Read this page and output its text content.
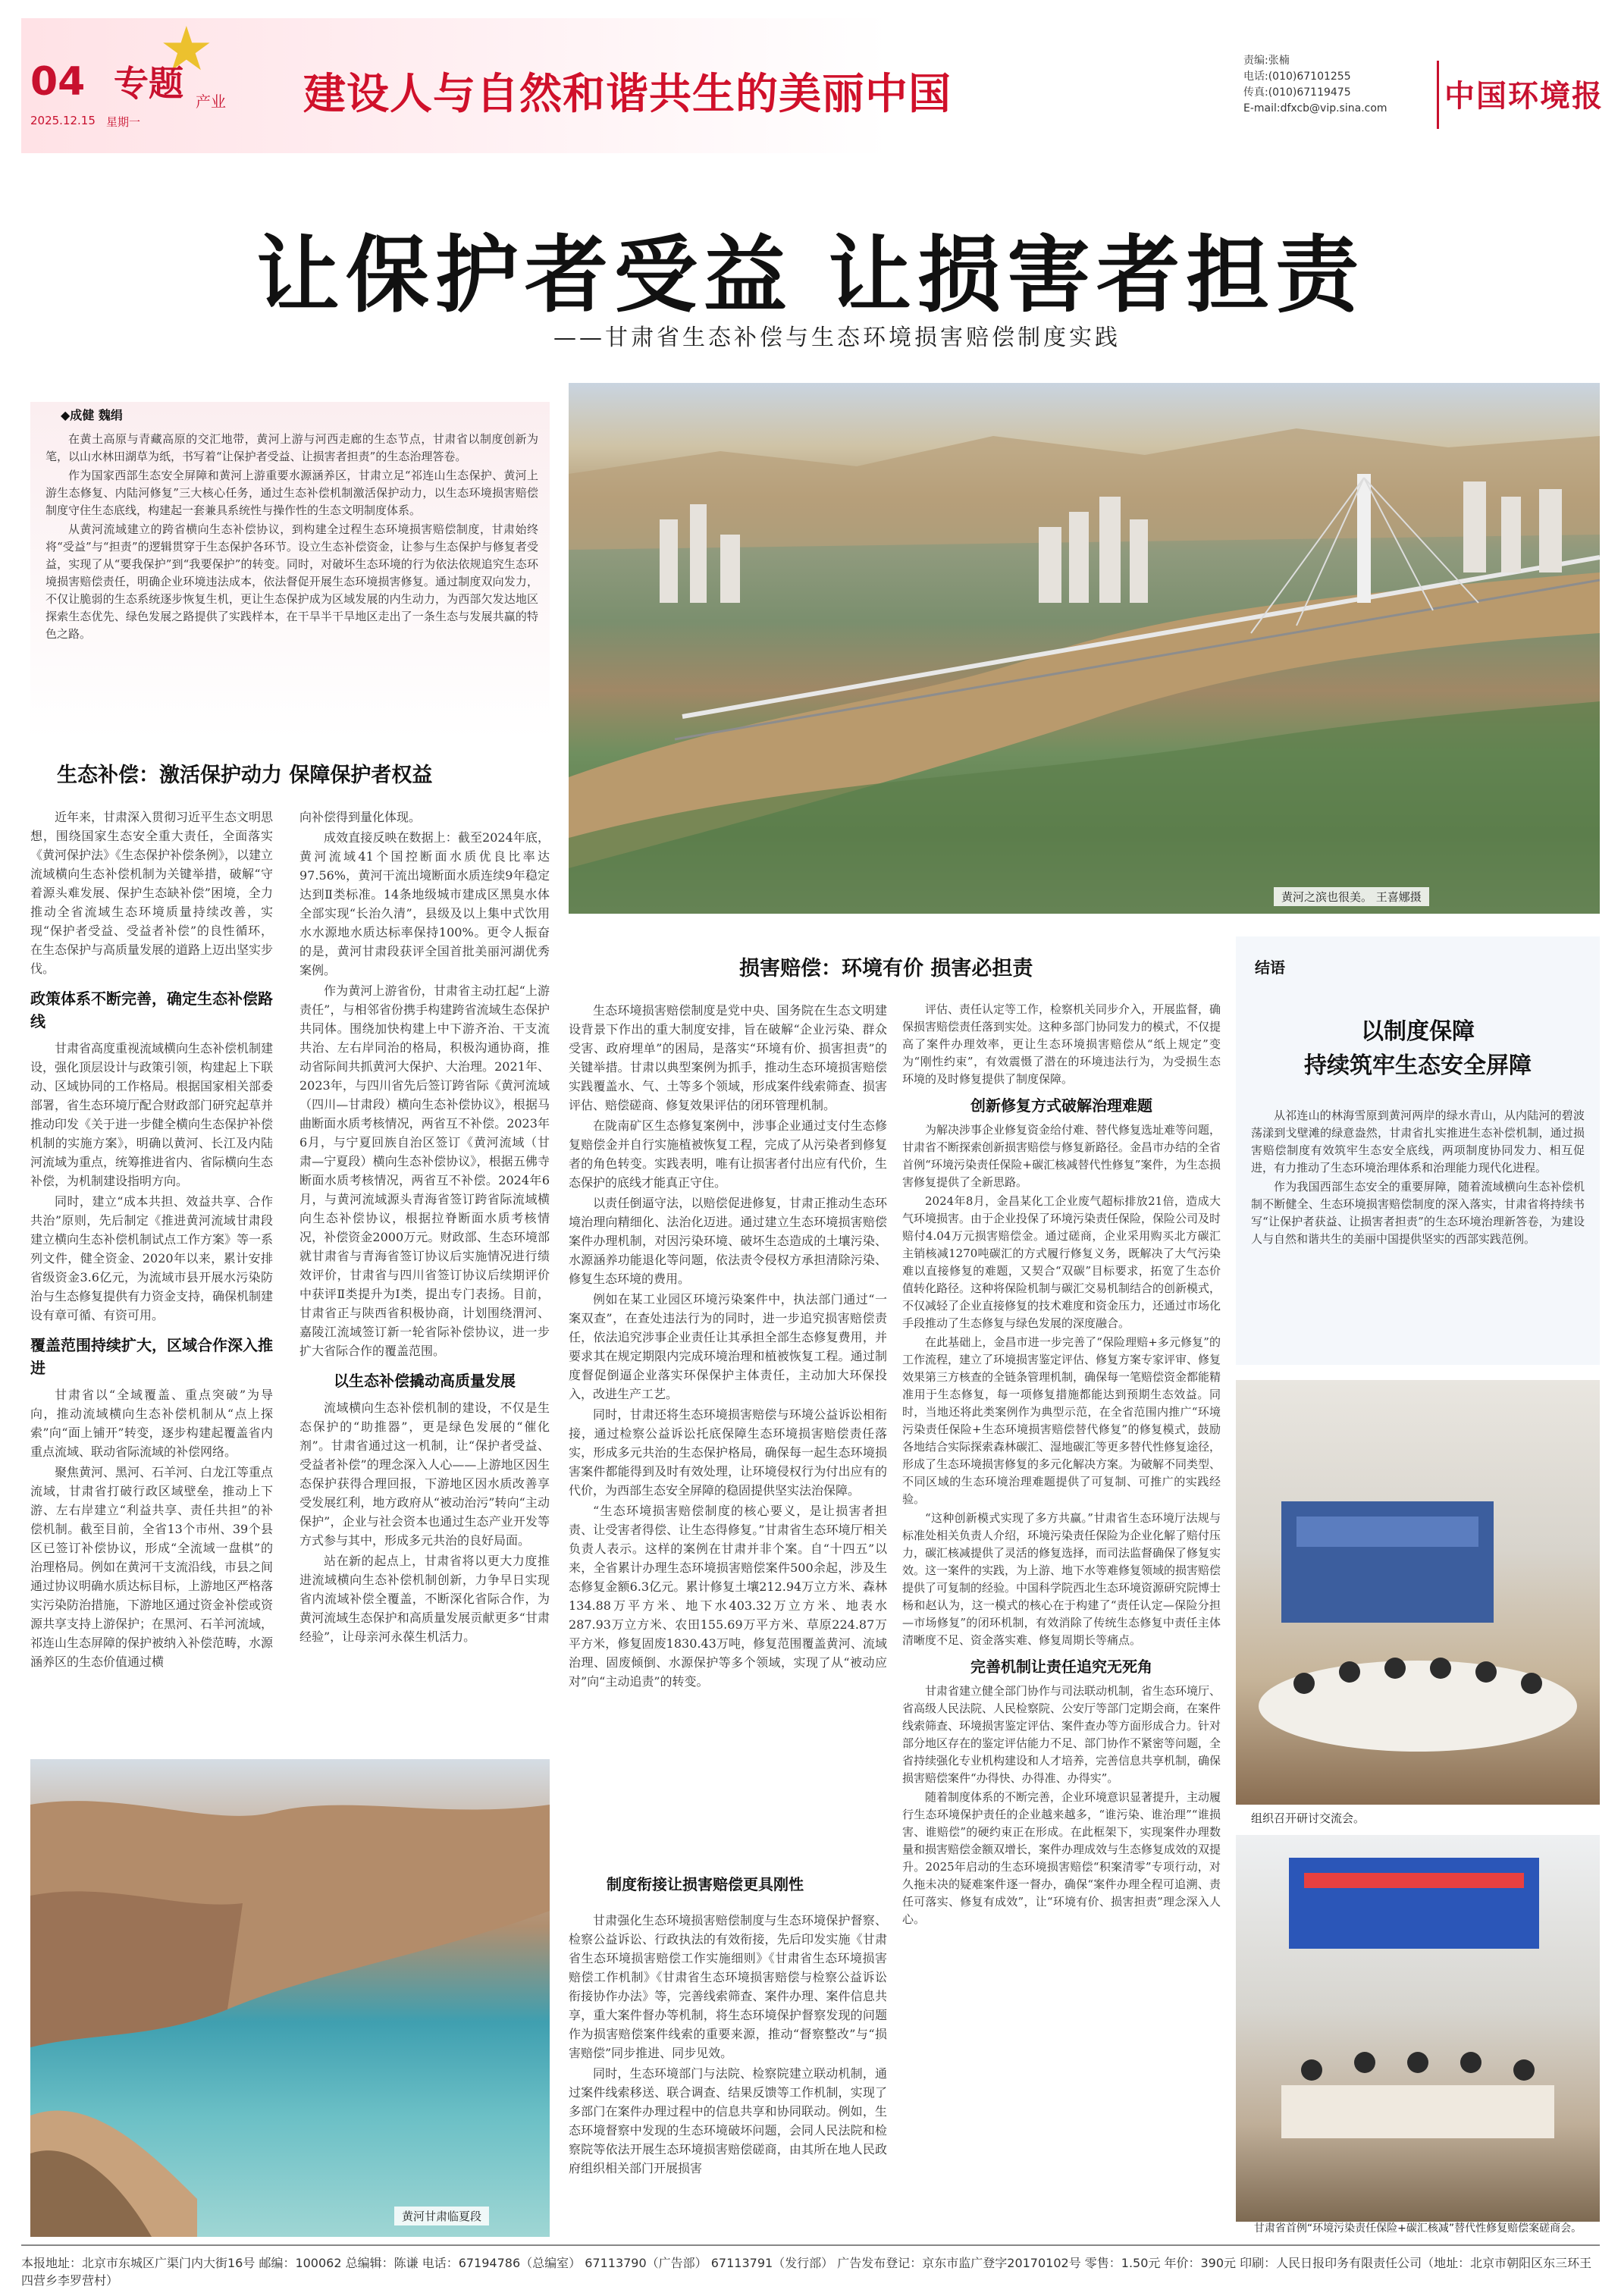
★
04
2025.12.15 星期一
专题 产业 建设人与自然和谐共生的美丽中国
责编:张楠
电话:(010)67101255
传真:(010)67119475
E-mail:dfxcb@vip.sina.com	中国环境报
让保护者受益 让损害者担责
——甘肃省生态补偿与生态环境损害赔偿制度实践
◆成健 魏绢

在黄土高原与青藏高原的交汇地带，黄河上游与河西走廊的生态节点，甘肃省以制度创新为笔，以山水林田湖草为纸，书写着“让保护者受益、让损害者担责”的生态治理答卷。

作为国家西部生态安全屏障和黄河上游重要水源涵养区，甘肃立足“祁连山生态保护、黄河上游生态修复、内陆河修复”三大核心任务，通过生态补偿机制激活保护动力，以生态环境损害赔偿制度守住生态底线，构建起一套兼具系统性与操作性的生态文明制度体系。

从黄河流域建立的跨省横向生态补偿协议，到构建全过程生态环境损害赔偿制度，甘肃始终将“受益”与“担责”的逻辑贯穿于生态保护各环节。设立生态补偿资金，让参与生态保护与修复者受益，实现了从“要我保护”到“我要保护”的转变。同时，对破坏生态环境的行为依法依规追究生态环境损害赔偿责任，明确企业环境违法成本，依法督促开展生态环境损害修复。通过制度双向发力，不仅让脆弱的生态系统逐步恢复生机，更让生态保护成为区域发展的内生动力，为西部欠发达地区探索生态优先、绿色发展之路提供了实践样本，在干旱半干旱地区走出了一条生态与发展共赢的特色之路。

黄河之滨也很美。 王喜娜摄
生态补偿：激活保护动力 保障保护者权益

近年来，甘肃深入贯彻习近平生态文明思想，围绕国家生态安全重大责任，全面落实《黄河保护法》《生态保护补偿条例》，以建立流域横向生态补偿机制为关键举措，破解“守着源头难发展、保护生态缺补偿”困境，全力推动全省流域生态环境质量持续改善，实现“保护者受益、受益者补偿”的良性循环，在生态保护与高质量发展的道路上迈出坚实步伐。

政策体系不断完善，确定生态补偿路线

甘肃省高度重视流域横向生态补偿机制建设，强化顶层设计与政策引领，构建起上下联动、区域协同的工作格局。根据国家相关部委部署，省生态环境厅配合财政部门研究起草并推动印发《关于进一步健全横向生态保护补偿机制的实施方案》，明确以黄河、长江及内陆河流域为重点，统筹推进省内、省际横向生态补偿，为机制建设指明方向。

同时，建立“成本共担、效益共享、合作共治”原则，先后制定《推进黄河流域甘肃段建立横向生态补偿机制试点工作方案》等一系列文件，健全资金、2020年以来，累计安排省级资金3.6亿元，为流域市县开展水污染防治与生态修复提供有力资金支持，确保机制建设有章可循、有资可用。

覆盖范围持续扩大，区域合作深入推进

甘肃省以“全域覆盖、重点突破”为导向，推动流域横向生态补偿机制从“点上探索”向“面上铺开”转变，逐步构建起覆盖省内重点流域、联动省际流域的补偿网络。

聚焦黄河、黑河、石羊河、白龙江等重点流域，甘肃省打破行政区域壁垒，推动上下游、左右岸建立“利益共享、责任共担”的补偿机制。截至目前，全省13个市州、39个县区已签订补偿协议，形成“全流域一盘棋”的治理格局。例如在黄河干支流沿线，市县之间通过协议明确水质达标目标，上游地区严格落实污染防治措施，下游地区通过资金补偿或资源共享支持上游保护；在黑河、石羊河流域，祁连山生态屏障的保护被纳入补偿范畴，水源涵养区的生态价值通过横

向补偿得到量化体现。

成效直接反映在数据上：截至2024年底，黄河流域41个国控断面水质优良比率达97.56%，黄河干流出境断面水质连续9年稳定达到Ⅱ类标准。14条地级城市建成区黑臭水体全部实现“长治久清”，县级及以上集中式饮用水水源地水质达标率保持100%。更令人振奋的是，黄河甘肃段获评全国首批美丽河湖优秀案例。

作为黄河上游省份，甘肃省主动扛起“上游责任”，与相邻省份携手构建跨省流域生态保护共同体。围绕加快构建上中下游齐治、干支流共治、左右岸同治的格局，积极沟通协商，推动省际间共抓黄河大保护、大治理。2021年、2023年，与四川省先后签订跨省际《黄河流域（四川—甘肃段）横向生态补偿协议》，根据马曲断面水质考核情况，两省互不补偿。2023年6月，与宁夏回族自治区签订《黄河流域（甘肃—宁夏段）横向生态补偿协议》，根据五佛寺断面水质考核情况，两省互不补偿。2024年6月，与黄河流域源头青海省签订跨省际流域横向生态补偿协议，根据拉脊断面水质考核情况，补偿资金2000万元。财政部、生态环境部就甘肃省与青海省签订协议后实施情况进行绩效评价，甘肃省与四川省签订协议后续期评价中获评Ⅱ类提升为Ⅰ类，提出专门表扬。目前，甘肃省正与陕西省积极协商，计划围绕渭河、嘉陵江流域签订新一轮省际补偿协议，进一步扩大省际合作的覆盖范围。

以生态补偿撬动高质量发展

流域横向生态补偿机制的建设，不仅是生态保护的“助推器”，更是绿色发展的“催化剂”。甘肃省通过这一机制，让“保护者受益、受益者补偿”的理念深入人心——上游地区因生态保护获得合理回报，下游地区因水质改善享受发展红利，地方政府从“被动治污”转向“主动保护”，企业与社会资本也通过生态产业开发等方式参与其中，形成多元共治的良好局面。

站在新的起点上，甘肃省将以更大力度推进流域横向生态补偿机制创新，力争早日实现省内流域补偿全覆盖，不断深化省际合作，为黄河流域生态保护和高质量发展贡献更多“甘肃经验”，让母亲河永葆生机活力。

黄河甘肃临夏段
损害赔偿：环境有价 损害必担责

生态环境损害赔偿制度是党中央、国务院在生态文明建设背景下作出的重大制度安排，旨在破解“企业污染、群众受害、政府埋单”的困局，是落实“环境有价、损害担责”的关键举措。甘肃以典型案例为抓手，推动生态环境损害赔偿实践覆盖水、气、土等多个领域，形成案件线索筛查、损害评估、赔偿磋商、修复效果评估的闭环管理机制。

在陇南矿区生态修复案例中，涉事企业通过支付生态修复赔偿金并自行实施植被恢复工程，完成了从污染者到修复者的角色转变。实践表明，唯有让损害者付出应有代价，生态保护的底线才能真正守住。

以责任倒逼守法，以赔偿促进修复，甘肃正推动生态环境治理向精细化、法治化迈进。通过建立生态环境损害赔偿案件办理机制，对因污染环境、破坏生态造成的土壤污染、水源涵养功能退化等问题，依法责令侵权方承担清除污染、修复生态环境的费用。

例如在某工业园区环境污染案件中，执法部门通过“一案双查”，在查处违法行为的同时，进一步追究损害赔偿责任，依法追究涉事企业责任让其承担全部生态修复费用，并要求其在规定期限内完成环境治理和植被恢复工程。通过制度督促倒逼企业落实环保保护主体责任，主动加大环保投入，改进生产工艺。

同时，甘肃还将生态环境损害赔偿与环境公益诉讼相衔接，通过检察公益诉讼托底保障生态环境损害赔偿责任落实，形成多元共治的生态保护格局，确保每一起生态环境损害案件都能得到及时有效处理，让环境侵权行为付出应有的代价，为西部生态安全屏障的稳固提供坚实法治保障。

“生态环境损害赔偿制度的核心要义，是让损害者担责、让受害者得偿、让生态得修复。”甘肃省生态环境厅相关负责人表示。这样的案例在甘肃并非个案。自“十四五”以来，全省累计办理生态环境损害赔偿案件500余起，涉及生态修复金额6.3亿元。累计修复土壤212.94万立方米、森林134.88万平方米、地下水403.32万立方米、地表水287.93万立方米、农田155.69万平方米、草原224.87万平方米，修复固废1830.43万吨，修复范围覆盖黄河、流域治理、固废倾倒、水源保护等多个领域，实现了从“被动应对”向“主动追责”的转变。

制度衔接让损害赔偿更具刚性

甘肃强化生态环境损害赔偿制度与生态环境保护督察、检察公益诉讼、行政执法的有效衔接，先后印发实施《甘肃省生态环境损害赔偿工作实施细则》《甘肃省生态环境损害赔偿工作机制》《甘肃省生态环境损害赔偿与检察公益诉讼衔接协作办法》等，完善线索筛查、案件办理、案件信息共享，重大案件督办等机制，将生态环境保护督察发现的问题作为损害赔偿案件线索的重要来源，推动“督察整改”与“损害赔偿”同步推进、同步见效。

同时，生态环境部门与法院、检察院建立联动机制，通过案件线索移送、联合调查、结果反馈等工作机制，实现了多部门在案件办理过程中的信息共享和协同联动。例如，生态环境督察中发现的生态环境破坏问题，会同人民法院和检察院等依法开展生态环境损害赔偿磋商，由其所在地人民政府组织相关部门开展损害

评估、责任认定等工作，检察机关同步介入，开展监督，确保损害赔偿责任落到实处。这种多部门协同发力的模式，不仅提高了案件办理效率，更让生态环境损害赔偿从“纸上规定”变为“刚性约束”，有效震慑了潜在的环境违法行为，为受损生态环境的及时修复提供了制度保障。

创新修复方式破解治理难题

为解决涉事企业修复资金给付难、替代修复选址难等问题，甘肃省不断探索创新损害赔偿与修复新路径。金昌市办结的全省首例“环境污染责任保险+碳汇核减替代性修复”案件，为生态损害修复提供了全新思路。

2024年8月，金昌某化工企业废气超标排放21倍，造成大气环境损害。由于企业投保了环境污染责任保险，保险公司及时赔付4.04万元损害赔偿金。通过磋商，企业采用购买北方碳汇主销核减1270吨碳汇的方式履行修复义务，既解决了大气污染难以直接修复的难题，又契合“双碳”目标要求，拓宽了生态价值转化路径。这种将保险机制与碳汇交易机制结合的创新模式，不仅减轻了企业直接修复的技术难度和资金压力，还通过市场化手段推动了生态修复与绿色发展的深度融合。

在此基础上，金昌市进一步完善了“保险理赔+多元修复”的工作流程，建立了环境损害鉴定评估、修复方案专家评审、修复效果第三方核查的全链条管理机制，确保每一笔赔偿资金都能精准用于生态修复，每一项修复措施都能达到预期生态效益。同时，当地还将此类案例作为典型示范，在全省范围内推广“环境污染责任保险+生态环境损害赔偿替代修复”的修复模式，鼓励各地结合实际探索森林碳汇、湿地碳汇等更多替代性修复途径，形成了生态环境损害修复的多元化解决方案。为破解不同类型、不同区域的生态环境治理难题提供了可复制、可推广的实践经验。

“这种创新模式实现了多方共赢。”甘肃省生态环境厅法规与标准处相关负责人介绍，环境污染责任保险为企业化解了赔付压力，碳汇核减提供了灵活的修复选择，而司法监督确保了修复实效。这一案件的实践，为上游、地下水等难修复领域的损害赔偿提供了可复制的经验。中国科学院西北生态环境资源研究院博士杨和赵认为，这一模式的核心在于构建了“责任认定—保险分担—市场修复”的闭环机制，有效消除了传统生态修复中责任主体清晰度不足、资金落实难、修复周期长等痛点。

完善机制让责任追究无死角

甘肃省建立健全部门协作与司法联动机制，省生态环境厅、省高级人民法院、人民检察院、公安厅等部门定期会商，在案件线索筛查、环境损害鉴定评估、案件查办等方面形成合力。针对部分地区存在的鉴定评估能力不足、部门协作不紧密等问题，全省持续强化专业机构建设和人才培养，完善信息共享机制，确保损害赔偿案件“办得快、办得准、办得实”。

随着制度体系的不断完善，企业环境意识显著提升，主动履行生态环境保护责任的企业越来越多，“谁污染、谁治理”“谁损害、谁赔偿”的硬约束正在形成。在此框架下，实现案件办理数量和损害赔偿金额双增长，案件办理成效与生态修复成效的双提升。2025年启动的生态环境损害赔偿“积案清零”专项行动，对久拖未决的疑难案件逐一督办，确保“案件办理全程可追溯、责任可落实、修复有成效”，让“环境有价、损害担责”理念深入人心。

结语
以制度保障
持续筑牢生态安全屏障

从祁连山的林海雪原到黄河两岸的绿水青山，从内陆河的碧波荡漾到戈壁滩的绿意盎然，甘肃省扎实推进生态补偿机制，通过损害赔偿制度有效筑牢生态安全底线，两项制度协同发力、相互促进，有力推动了生态环境治理体系和治理能力现代化进程。

作为我国西部生态安全的重要屏障，随着流域横向生态补偿机制不断健全、生态环境损害赔偿制度的深入落实，甘肃省将持续书写“让保护者获益、让损害者担责”的生态环境治理新答卷，为建设人与自然和谐共生的美丽中国提供坚实的西部实践范例。

组织召开研讨交流会。
甘肃省首例“环境污染责任保险+碳汇核减”替代性修复赔偿案磋商会。
本报地址：北京市东城区广渠门内大街16号 邮编：100062 总编辑：陈谦 电话：67194786（总编室） 67113790（广告部） 67113791（发行部） 广告发布登记：京东市监广登字20170102号 零售：1.50元 年价：390元 印刷：人民日报印务有限责任公司（地址：北京市朝阳区东三环王四营乡李罗营村）
